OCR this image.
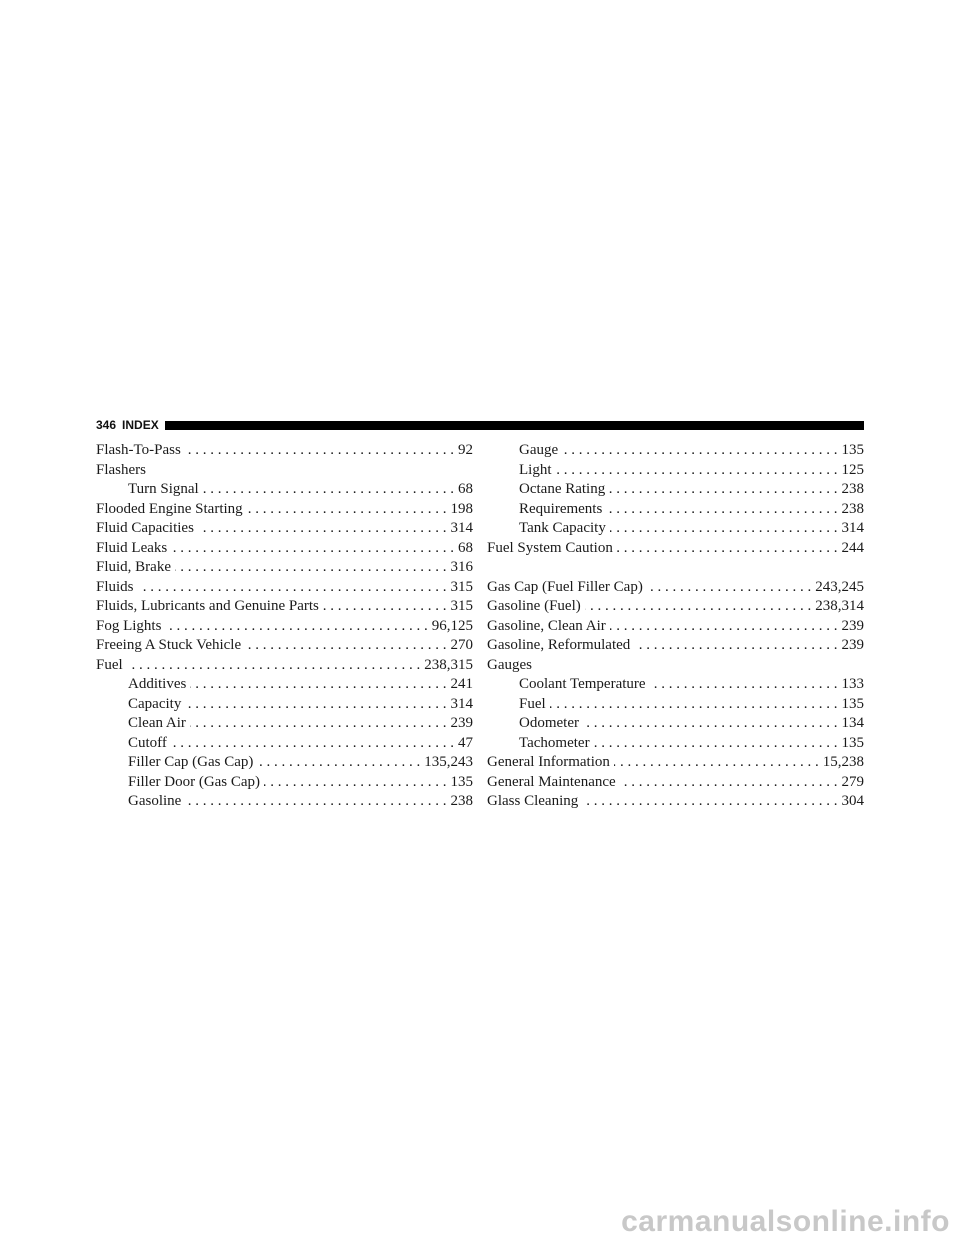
346 INDEX
Flash-To-Pass . . .	92
Flashers
Turn Signal . . .	68
Flooded Engine Starting . . .	198
Fluid Capacities . . .	314
Fluid Leaks . . .	68
Fluid, Brake . . .	316
Fluids . . .	315
Fluids, Lubricants and Genuine Parts . . .	315
Fog Lights . . .	96,125
Freeing A Stuck Vehicle . . .	270
Fuel . . .	238,315
Additives . . .	241
Capacity . . .	314
Clean Air . . .	239
Cutoff . . .	47
Filler Cap (Gas Cap) . . .	135,243
Filler Door (Gas Cap) . . .	135
Gasoline . . .	238
Gauge . . .	135
Light . . .	125
Octane Rating . . .	238
Requirements . . .	238
Tank Capacity . . .	314
Fuel System Caution . . .	244
Gas Cap (Fuel Filler Cap) . . .	243,245
Gasoline (Fuel) . . .	238,314
Gasoline, Clean Air . . .	239
Gasoline, Reformulated . . .	239
Gauges
Coolant Temperature . . .	133
Fuel . . .	135
Odometer . . .	134
Tachometer . . .	135
General Information . . .	15,238
General Maintenance . . .	279
Glass Cleaning . . .	304
carmanualsonline.info
